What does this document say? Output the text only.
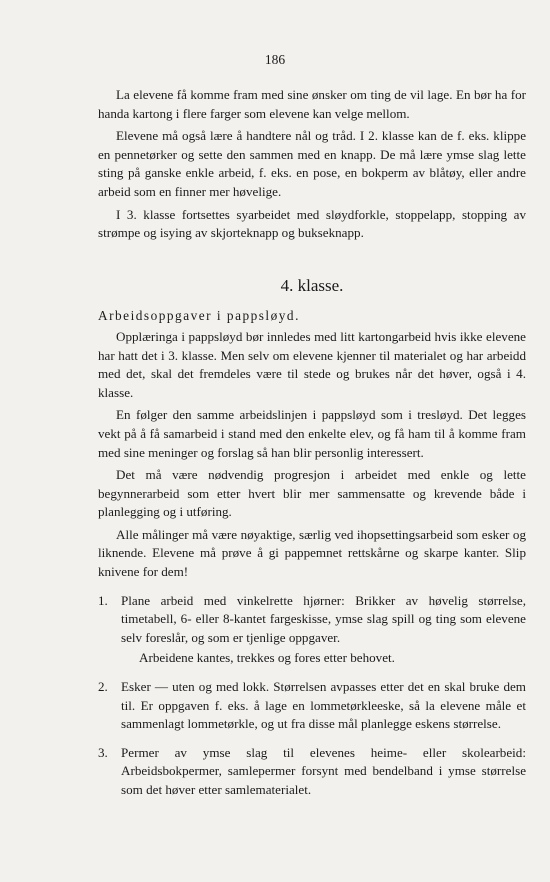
186

La elevene få komme fram med sine ønsker om ting de vil lage. En bør ha for handa kartong i flere farger som elevene kan velge mellom.

Elevene må også lære å handtere nål og tråd. I 2. klasse kan de f. eks. klippe en pennetørker og sette den sammen med en knapp. De må lære ymse slag lette sting på ganske enkle arbeid, f. eks. en pose, en bokperm av blåtøy, eller andre arbeid som en finner mer høvelige.

I 3. klasse fortsettes syarbeidet med sløydforkle, stoppelapp, stopping av strømpe og isying av skjorteknapp og bukseknapp.

4. klasse.
Arbeidsoppgaver i pappsløyd.

Opplæringa i pappsløyd bør innledes med litt kartongarbeid hvis ikke elevene har hatt det i 3. klasse. Men selv om elevene kjenner til materialet og har arbeidd med det, skal det fremdeles være til stede og brukes når det høver, også i 4. klasse.

En følger den samme arbeidslinjen i pappsløyd som i tresløyd. Det legges vekt på å få samarbeid i stand med den enkelte elev, og få ham til å komme fram med sine meninger og forslag så han blir personlig interessert.

Det må være nødvendig progresjon i arbeidet med enkle og lette begynnerarbeid som etter hvert blir mer sammensatte og krevende både i planlegging og i utføring.

Alle målinger må være nøyaktige, særlig ved ihopsettingsarbeid som esker og liknende. Elevene må prøve å gi pappemnet rettskårne og skarpe kanter. Slip knivene for dem!

1. Plane arbeid med vinkelrette hjørner: Brikker av høvelig størrelse, timetabell, 6- eller 8-kantet fargeskisse, ymse slag spill og ting som elevene selv foreslår, og som er tjenlige oppgaver.
Arbeidene kantes, trekkes og fores etter behovet.
2. Esker — uten og med lokk. Størrelsen avpasses etter det en skal bruke dem til. Er oppgaven f. eks. å lage en lommetørkleeske, så la elevene måle et sammenlagt lommetørkle, og ut fra disse mål planlegge eskens størrelse.
3. Permer av ymse slag til elevenes heime- eller skolearbeid: Arbeidsbokpermer, samlepermer forsynt med bendelband i ymse størrelse som det høver etter samlematerialet.
